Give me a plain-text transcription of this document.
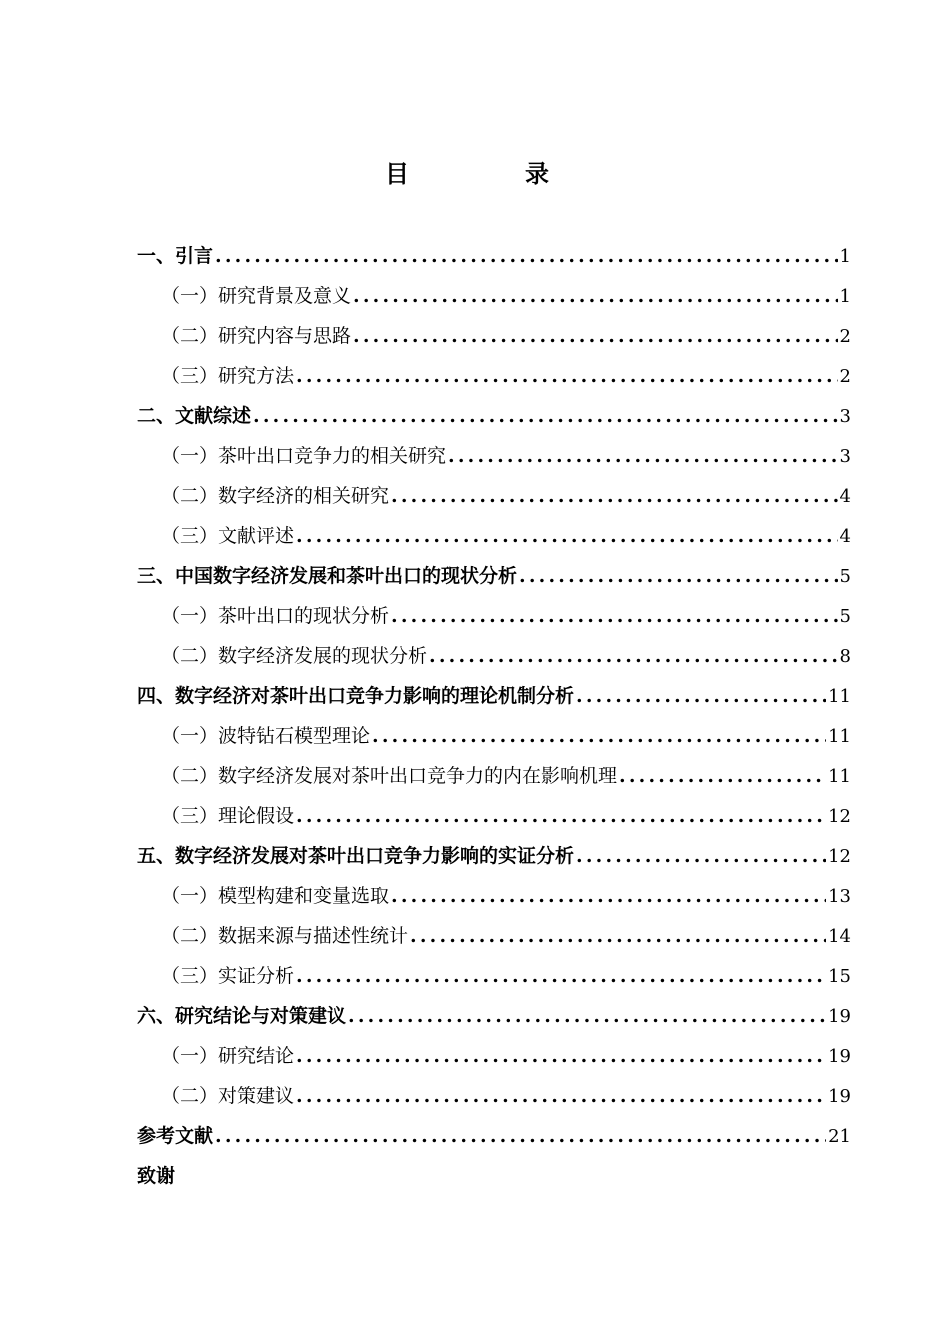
目　录
一、引言 .....	1
（一）研究背景及意义 .....	1
（二）研究内容与思路 .....	2
（三）研究方法 .....	2
二、文献综述 .....	3
（一）茶叶出口竞争力的相关研究 .....	3
（二）数字经济的相关研究 .....	4
（三）文献评述 .....	4
三、中国数字经济发展和茶叶出口的现状分析 .....	5
（一）茶叶出口的现状分析 .....	5
（二）数字经济发展的现状分析 .....	8
四、数字经济对茶叶出口竞争力影响的理论机制分析 .....	11
（一）波特钻石模型理论 .....	11
（二）数字经济发展对茶叶出口竞争力的内在影响机理 .....	11
（三）理论假设 .....	12
五、数字经济发展对茶叶出口竞争力影响的实证分析 .....	12
（一）模型构建和变量选取 .....	13
（二）数据来源与描述性统计 .....	14
（三）实证分析 .....	15
六、研究结论与对策建议 .....	19
（一）研究结论 .....	19
（二）对策建议 .....	19
参考文献 .....	21
致谢
